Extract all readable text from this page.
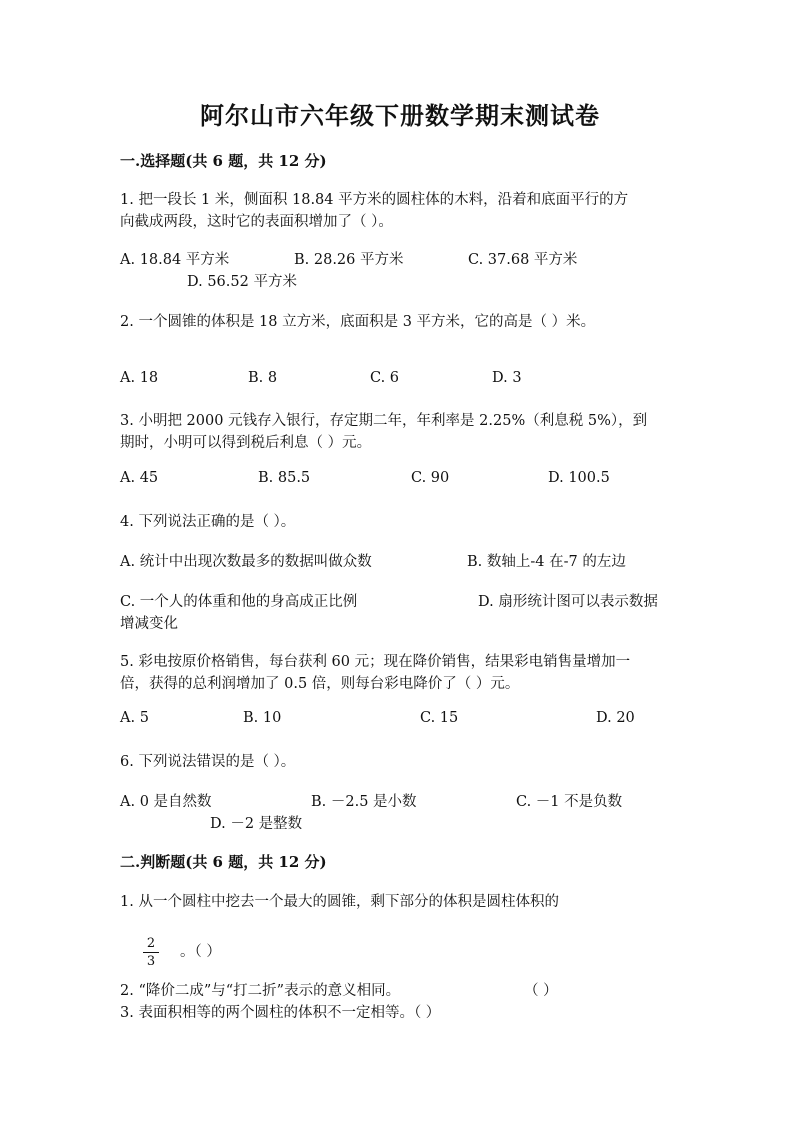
阿尔山市六年级下册数学期末测试卷
一.选择题(共 6 题，共 12 分)
1. 把一段长 1 米，侧面积 18.84 平方米的圆柱体的木料，沿着和底面平行的方
向截成两段，这时它的表面积增加了（ ）。
A. 18.84 平方米	B. 28.26 平方米	C. 37.68 平方米
D. 56.52 平方米
2. 一个圆锥的体积是 18 立方米，底面积是 3 平方米，它的高是（ ）米。
A. 18	B. 8	C. 6	D. 3
3. 小明把 2000 元钱存入银行，存定期二年，年利率是 2.25%（利息税 5%），到
期时，小明可以得到税后利息（ ）元。
A. 45	B. 85.5	C. 90	D. 100.5
4. 下列说法正确的是（ ）。
A. 统计中出现次数最多的数据叫做众数	B. 数轴上-4 在-7 的左边
C. 一个人的体重和他的身高成正比例	D. 扇形统计图可以表示数据
增减变化
5. 彩电按原价格销售，每台获利 60 元；现在降价销售，结果彩电销售量增加一
倍，获得的总利润增加了 0.5 倍，则每台彩电降价了（ ）元。
A. 5	B. 10	C. 15	D. 20
6. 下列说法错误的是（ ）。
A. 0 是自然数	B. －2.5 是小数	C. －1 不是负数
D. －2 是整数
二.判断题(共 6 题，共 12 分)
1. 从一个圆柱中挖去一个最大的圆锥，剩下部分的体积是圆柱体积的
2
3
。（ ）
2. “降价二成”与“打二折”表示的意义相同。	（ ）
3. 表面积相等的两个圆柱的体积不一定相等。（ ）
